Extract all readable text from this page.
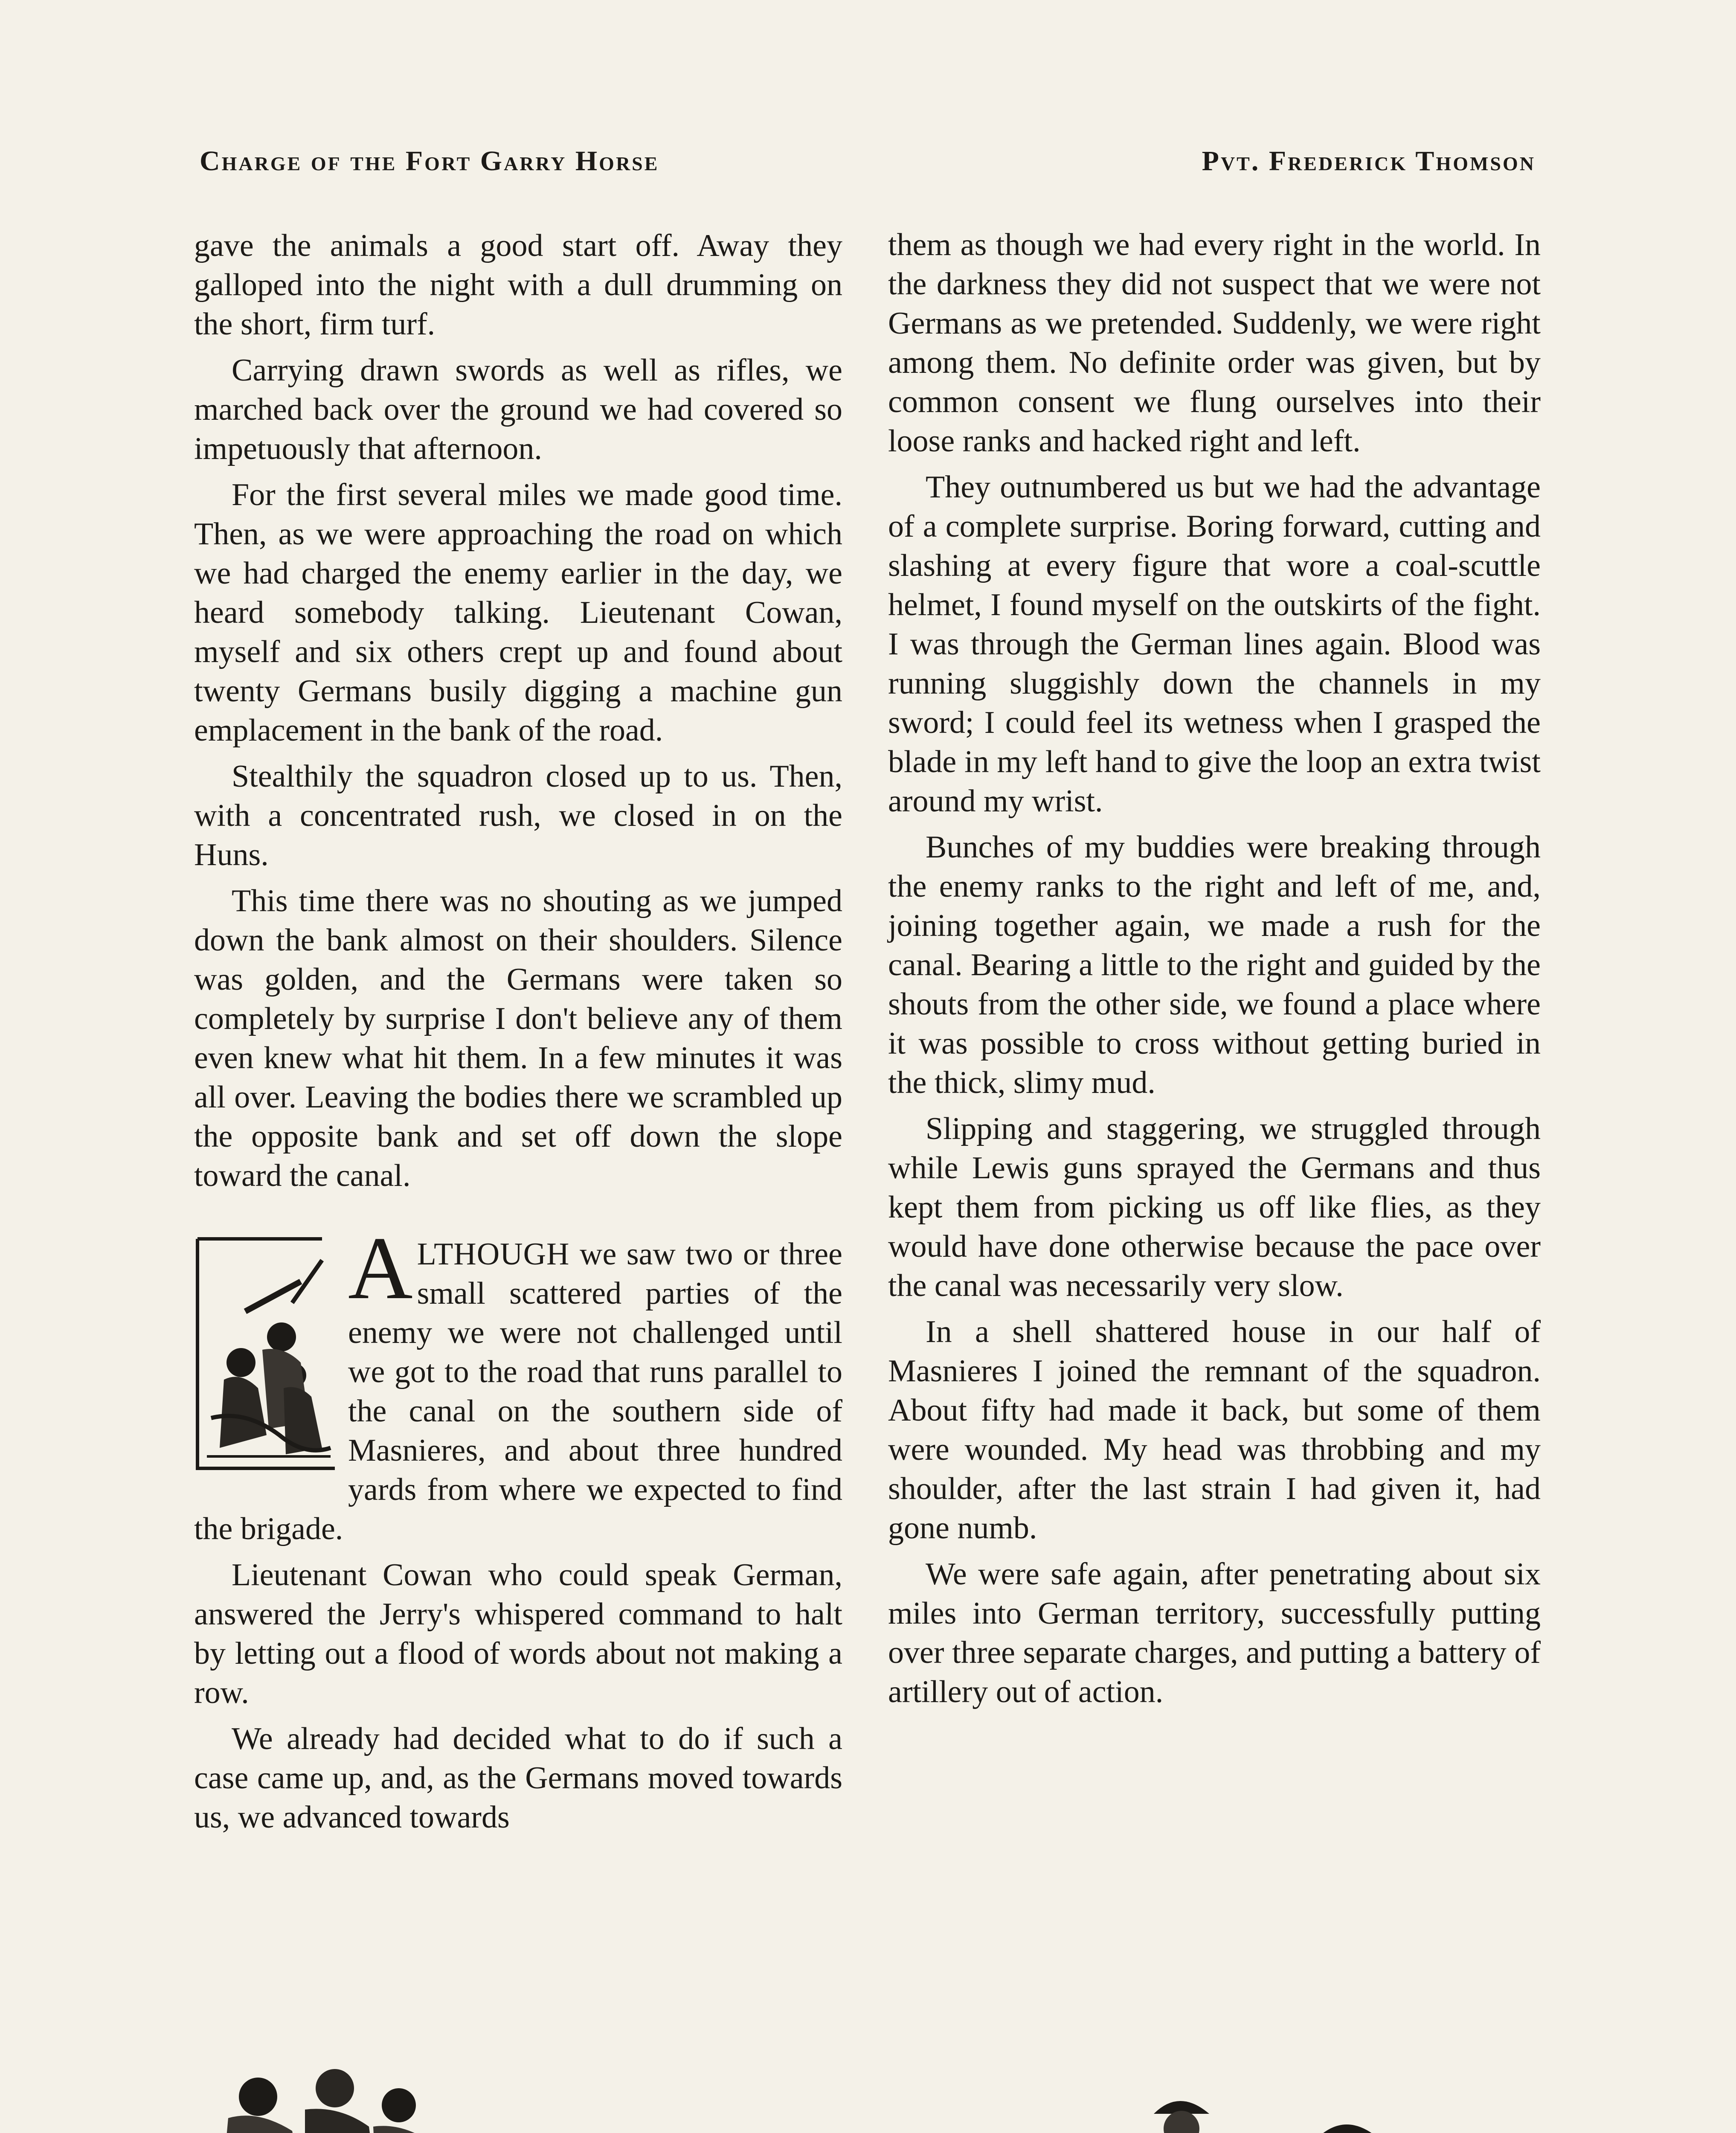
Charge of the Fort Garry Horse	Pvt. Frederick Thomson

gave the animals a good start off. Away they galloped into the night with a dull drumming on the short, firm turf.

Carrying drawn swords as well as rifles, we marched back over the ground we had covered so impetuously that afternoon.

For the first several miles we made good time. Then, as we were approaching the road on which we had charged the enemy earlier in the day, we heard somebody talking. Lieutenant Cowan, myself and six others crept up and found about twenty Germans busily digging a machine gun emplacement in the bank of the road.

Stealthily the squadron closed up to us. Then, with a concentrated rush, we closed in on the Huns.

This time there was no shouting as we jumped down the bank almost on their shoulders. Silence was golden, and the Germans were taken so completely by surprise I don't believe any of them even knew what hit them. In a few minutes it was all over. Leaving the bodies there we scrambled up the opposite bank and set off down the slope toward the canal.

A LTHOUGH we saw two or three small scattered parties of the enemy we were not challenged until we got to the road that runs parallel to the canal on the southern side of Masnieres, and about three hundred yards from where we expected to find the brigade.

Lieutenant Cowan who could speak German, answered the Jerry's whispered command to halt by letting out a flood of words about not making a row.

We already had decided what to do if such a case came up, and, as the Germans moved towards us, we advanced towards

them as though we had every right in the world. In the darkness they did not suspect that we were not Germans as we pretended. Suddenly, we were right among them. No definite order was given, but by common consent we flung ourselves into their loose ranks and hacked right and left.

They outnumbered us but we had the advantage of a complete surprise. Boring forward, cutting and slashing at every figure that wore a coal-scuttle helmet, I found myself on the outskirts of the fight. I was through the German lines again. Blood was running sluggishly down the channels in my sword; I could feel its wetness when I grasped the blade in my left hand to give the loop an extra twist around my wrist.

Bunches of my buddies were breaking through the enemy ranks to the right and left of me, and, joining together again, we made a rush for the canal. Bearing a little to the right and guided by the shouts from the other side, we found a place where it was possible to cross without getting buried in the thick, slimy mud.

Slipping and staggering, we struggled through while Lewis guns sprayed the Germans and thus kept them from picking us off like flies, as they would have done otherwise because the pace over the canal was necessarily very slow.

In a shell shattered house in our half of Masnieres I joined the remnant of the squadron. About fifty had made it back, but some of them were wounded. My head was throbbing and my shoulder, after the last strain I had given it, had gone numb.

We were safe again, after penetrating about six miles into German territory, successfully putting over three separate charges, and putting a battery of artillery out of action.
